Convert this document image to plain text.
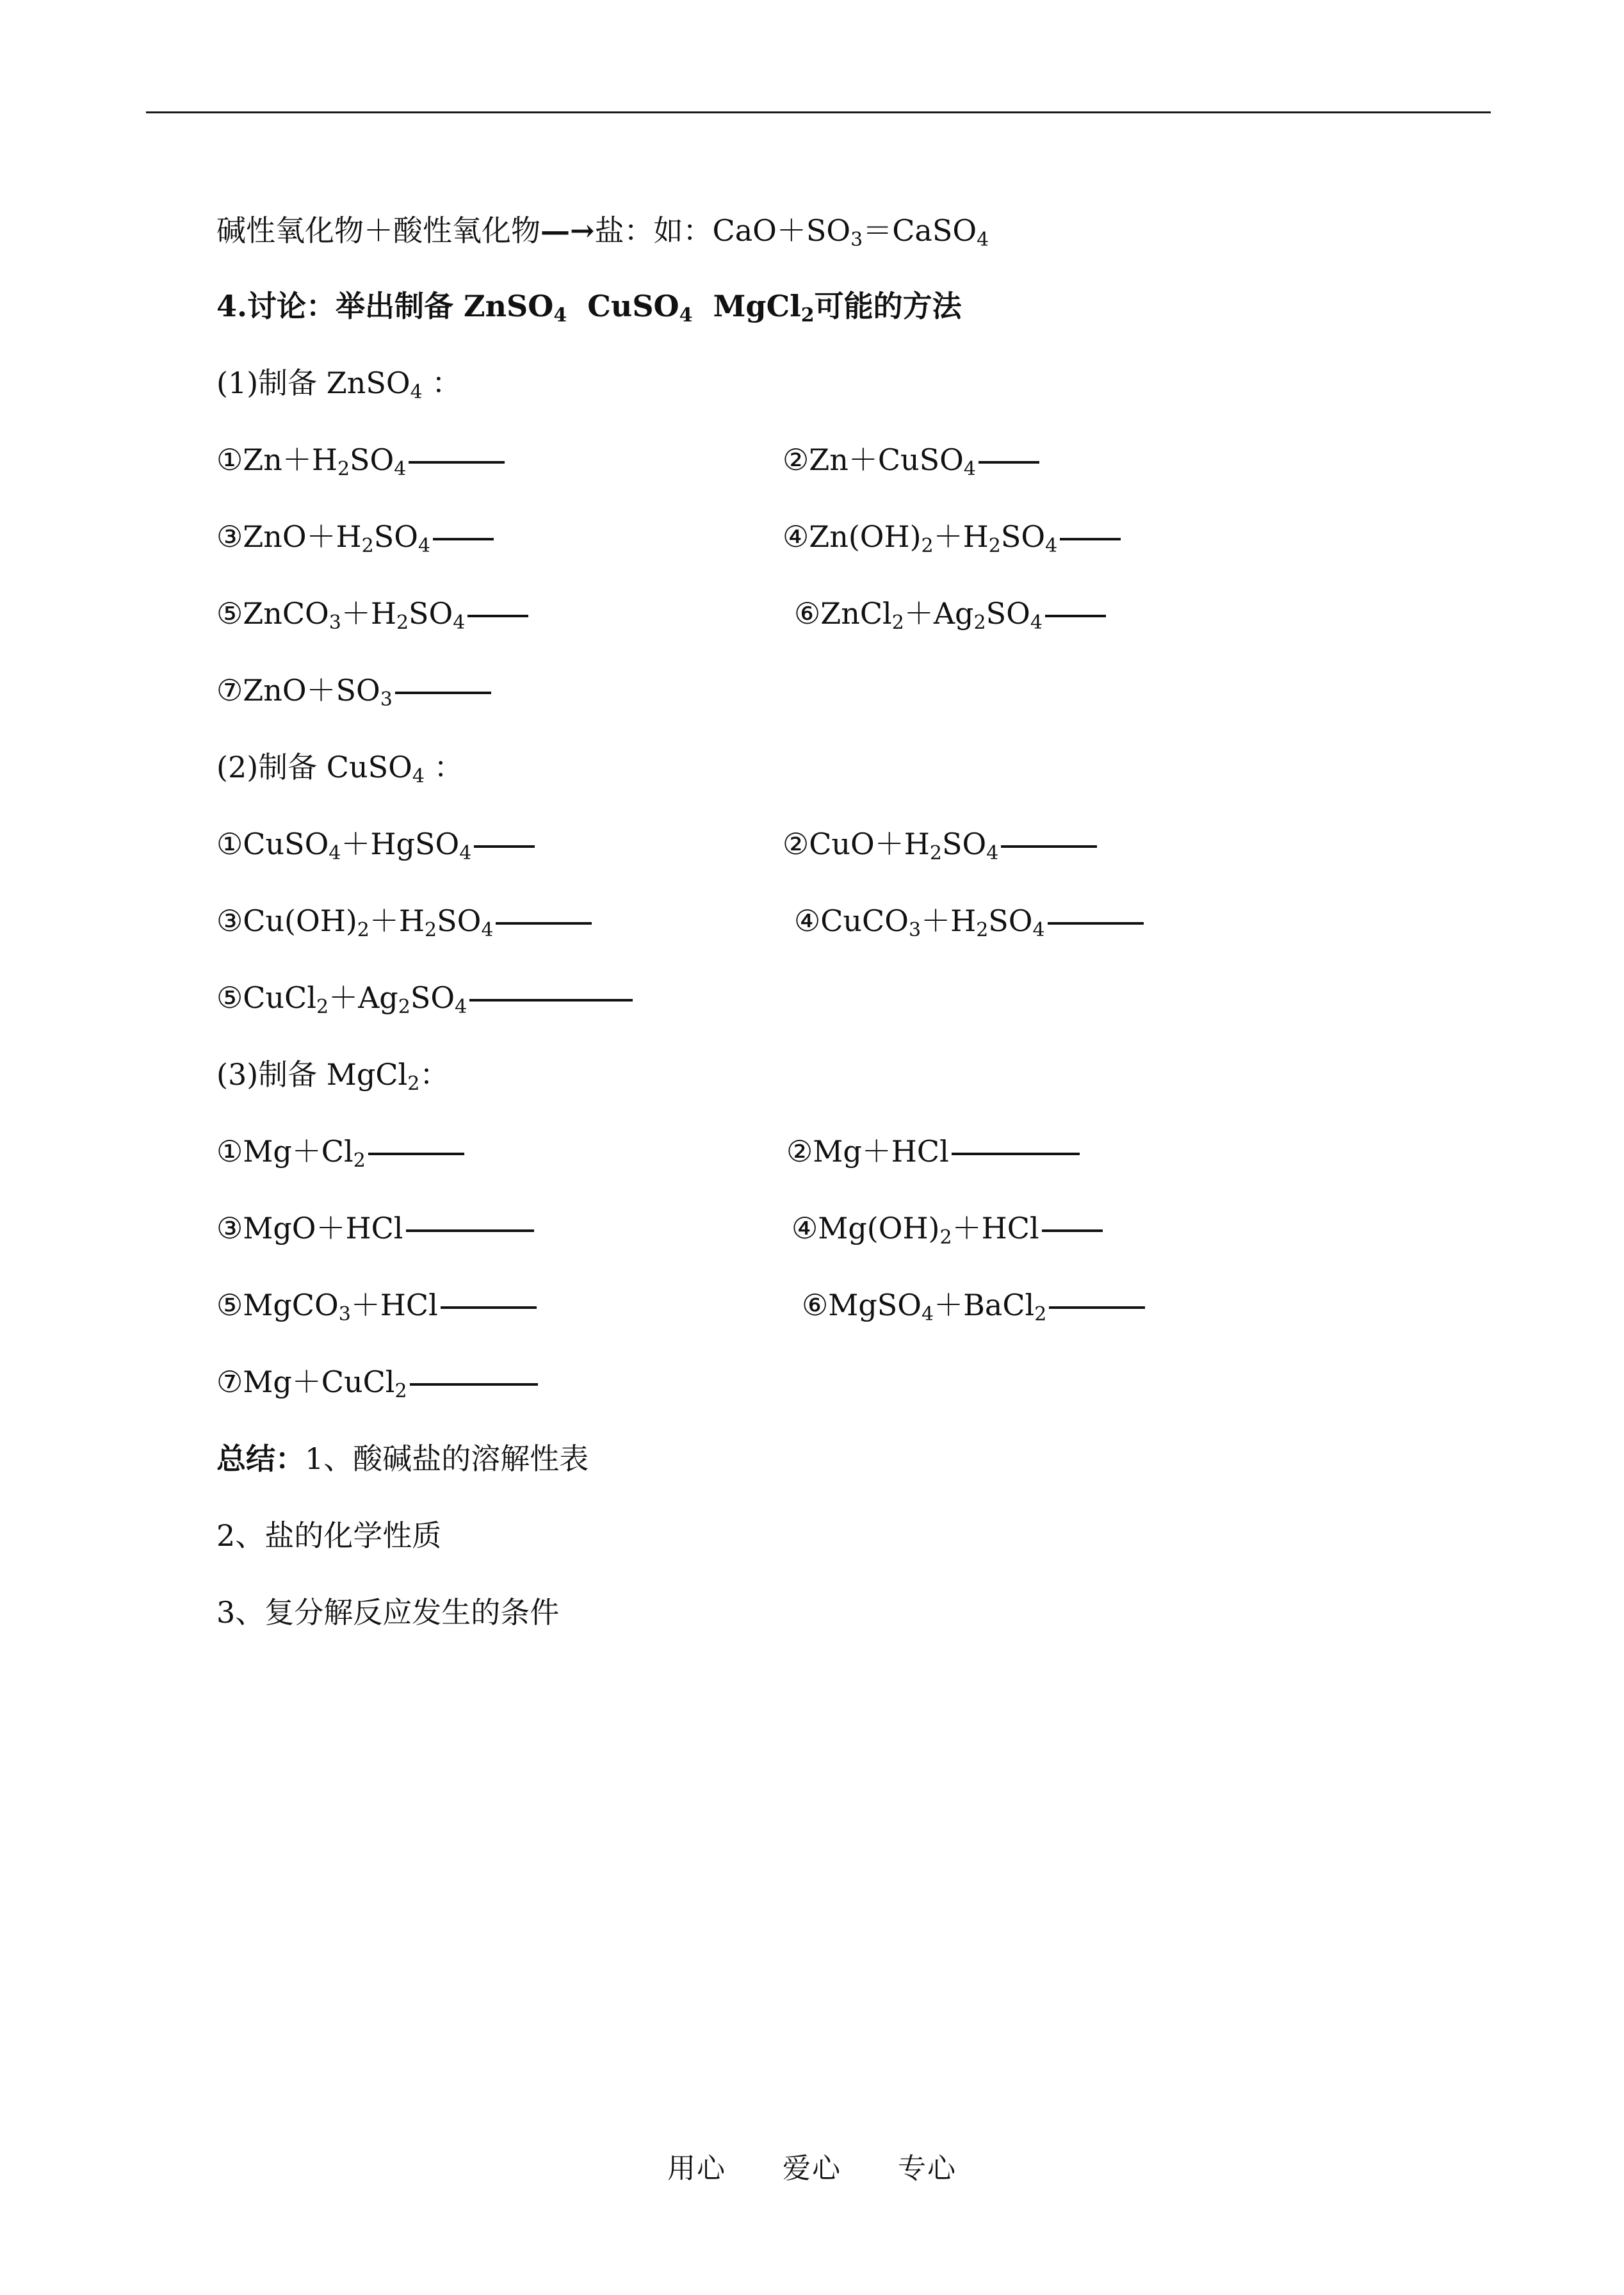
碱性氧化物＋酸性氧化物—→盐：如：$CaO+SO_3=CaSO_4$
4.讨论：举出制备 ZnSO$_4$  CuSO$_4$  MgCl$_2$可能的方法
(1)制备 ZnSO$_4$ ：
$①Zn+H_2SO_4$	②Zn＋CuSO$_4$
$③ZnO+H_2SO_4$	$④Zn(OH)_2+H_2SO_4$
$⑤ZnCO_3+H_2SO_4$	$⑥ZnCl_2+Ag_2SO_4$
$⑦ZnO+SO_3$
(2)制备 CuSO$_4$ ：
①CuSO$_4$＋HgSO$_4$	$②CuO+H_2SO_4$
$③Cu(OH)_2+H_2SO_4$	$④CuCO_3+H_2SO_4$
$⑤CuCl_2+Ag_2SO_4$
(3)制备 MgCl$_2$：
$①Mg+Cl_2$	②Mg＋HCl
③MgO＋HCl	$④Mg(OH)_2+HCl$
⑤MgCO$_3$＋HCl	⑥MgSO$_4$＋BaCl$_2$
⑦Mg＋CuCl$_2$
总结：1、酸碱盐的溶解性表
2、盐的化学性质
3、复分解反应发生的条件
用心 爱心 专心
